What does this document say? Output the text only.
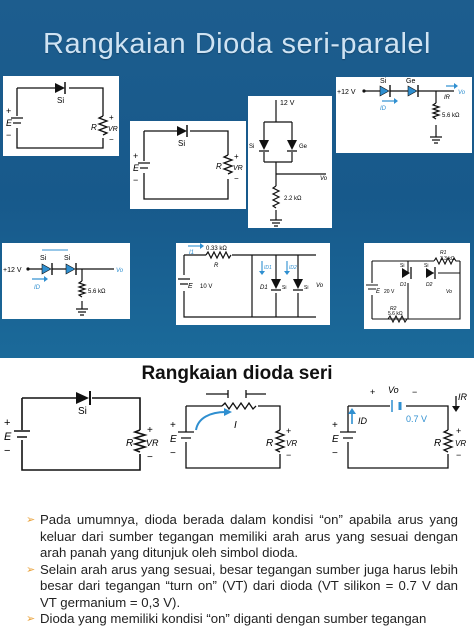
Rangkaian Dioda seri-paralel
Si
+
E
−
R
+
VR
−	Si
+
E
−
R
+
VR
−
12 V
Si	Ge
Vo
2.2 kΩ
+12 V
Si	Ge
ID
IR
Vo
5.6 kΩ
+12 V
Si	Si
ID
Vo
5.6 kΩ
I1
0.33 kΩ
R
E 10 V
ID1	ID2
D1	Si	Si Vo
R1
3.3 kΩ
Si	Si
D1	D2
E 20 V	Vo
R2
5.6 kΩ
Rangkaian dioda seri
Si
+
E
−
R
+
VR
−
I
+
E
−
R
+
VR
−
+ Vo −
0.7 V
ID
IR
+
E
−
R
+
VR
−
➢ Pada umumnya, dioda berada dalam kondisi “on” apabila arus yang keluar dari sumber tegangan memiliki arah arus yang sesuai dengan arah panah yang ditunjuk oleh simbol dioda.
➢ Selain arah arus yang sesuai, besar tegangan sumber juga harus lebih besar dari tegangan “turn on” (VT) dari dioda (VT silikon = 0.7 V dan VT germanium = 0,3 V).
➢ Dioda yang memiliki kondisi “on” diganti dengan sumber tegangan
